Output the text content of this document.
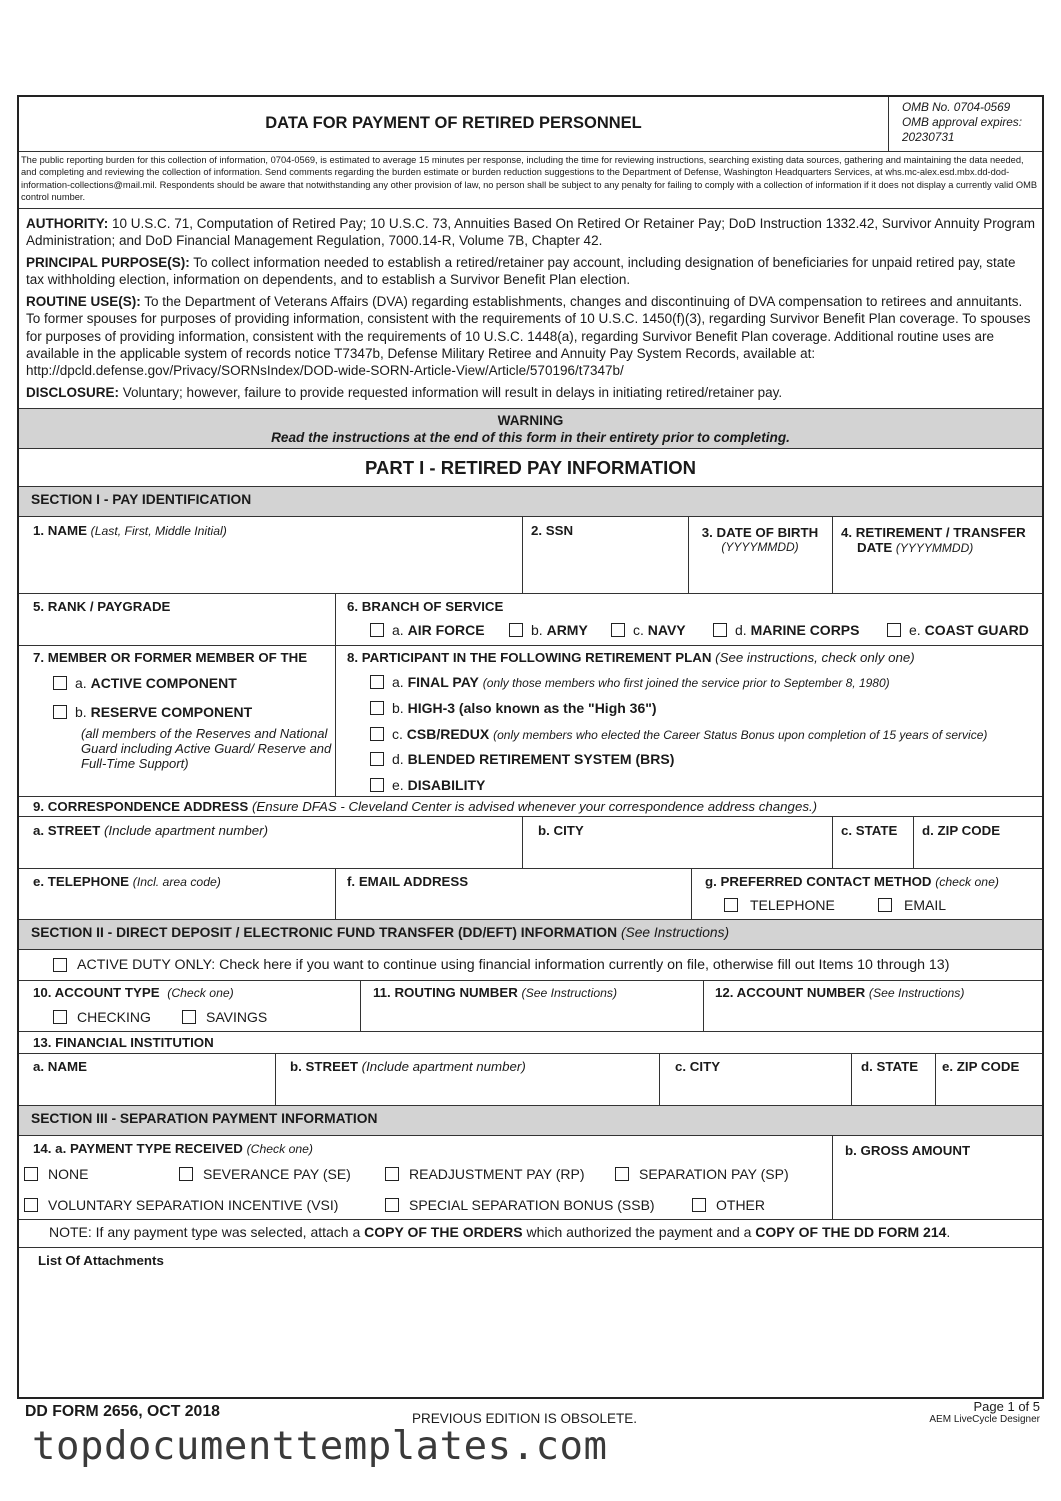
DATA FOR PAYMENT OF RETIRED PERSONNEL
OMB No. 0704-0569
OMB approval expires:
20230731
The public reporting burden for this collection of information, 0704-0569, is estimated to average 15 minutes per response, including the time for reviewing instructions, searching existing data sources, gathering and maintaining the data needed, and completing and reviewing the collection of information. Send comments regarding the burden estimate or burden reduction suggestions to the Department of Defense, Washington Headquarters Services, at whs.mc-alex.esd.mbx.dd-dod-information-collections@mail.mil. Respondents should be aware that notwithstanding any other provision of law, no person shall be subject to any penalty for failing to comply with a collection of information if it does not display a currently valid OMB control number.
AUTHORITY: 10 U.S.C. 71, Computation of Retired Pay; 10 U.S.C. 73, Annuities Based On Retired Or Retainer Pay; DoD Instruction 1332.42, Survivor Annuity Program Administration; and DoD Financial Management Regulation, 7000.14-R, Volume 7B, Chapter 42.
PRINCIPAL PURPOSE(S): To collect information needed to establish a retired/retainer pay account, including designation of beneficiaries for unpaid retired pay, state tax withholding election, information on dependents, and to establish a Survivor Benefit Plan election.
ROUTINE USE(S): To the Department of Veterans Affairs (DVA) regarding establishments, changes and discontinuing of DVA compensation to retirees and annuitants. To former spouses for purposes of providing information, consistent with the requirements of 10 U.S.C. 1450(f)(3), regarding Survivor Benefit Plan coverage. To spouses for purposes of providing information, consistent with the requirements of 10 U.S.C. 1448(a), regarding Survivor Benefit Plan coverage. Additional routine uses are available in the applicable system of records notice T7347b, Defense Military Retiree and Annuity Pay System Records, available at: http://dpcld.defense.gov/Privacy/SORNsIndex/DOD-wide-SORN-Article-View/Article/570196/t7347b/
DISCLOSURE: Voluntary; however, failure to provide requested information will result in delays in initiating retired/retainer pay.
WARNING
Read the instructions at the end of this form in their entirety prior to completing.
PART I - RETIRED PAY INFORMATION
SECTION I - PAY IDENTIFICATION
1. NAME (Last, First, Middle Initial)	2. SSN	3. DATE OF BIRTH
(YYYYMMDD)
4. RETIREMENT / TRANSFER
DATE (YYYYMMDD)
5. RANK / PAYGRADE	6. BRANCH OF SERVICE
a. AIR FORCE	b. ARMY	c. NAVY	d. MARINE CORPS	e. COAST GUARD
7. MEMBER OR FORMER MEMBER OF THE
a. ACTIVE COMPONENT
b. RESERVE COMPONENT
(all members of the Reserves and National Guard including Active Guard/ Reserve and Full-Time Support)
8. PARTICIPANT IN THE FOLLOWING RETIREMENT PLAN (See instructions, check only one)
a. FINAL PAY (only those members who first joined the service prior to September 8, 1980)
b. HIGH-3 (also known as the "High 36")
c. CSB/REDUX (only members who elected the Career Status Bonus upon completion of 15 years of service)
d. BLENDED RETIREMENT SYSTEM (BRS)
e. DISABILITY
9. CORRESPONDENCE ADDRESS (Ensure DFAS - Cleveland Center is advised whenever your correspondence address changes.)
a. STREET (Include apartment number)	b. CITY	c. STATE d. ZIP CODE
e. TELEPHONE (Incl. area code)	f. EMAIL ADDRESS	g. PREFERRED CONTACT METHOD (check one)
TELEPHONE	EMAIL
SECTION II - DIRECT DEPOSIT / ELECTRONIC FUND TRANSFER (DD/EFT) INFORMATION (See Instructions)
ACTIVE DUTY ONLY: Check here if you want to continue using financial information currently on file, otherwise fill out Items 10 through 13)
10. ACCOUNT TYPE (Check one)
CHECKING	SAVINGS
11. ROUTING NUMBER (See Instructions)	12. ACCOUNT NUMBER (See Instructions)
13. FINANCIAL INSTITUTION
a. NAME	b. STREET (Include apartment number)	c. CITY	d. STATE e. ZIP CODE
SECTION III - SEPARATION PAYMENT INFORMATION
14. a. PAYMENT TYPE RECEIVED (Check one)
NONE	SEVERANCE PAY (SE)	READJUSTMENT PAY (RP)	SEPARATION PAY (SP)
VOLUNTARY SEPARATION INCENTIVE (VSI)	SPECIAL SEPARATION BONUS (SSB)	OTHER
b. GROSS AMOUNT
NOTE: If any payment type was selected, attach a COPY OF THE ORDERS which authorized the payment and a COPY OF THE DD FORM 214.
List Of Attachments
DD FORM 2656, OCT 2018	PREVIOUS EDITION IS OBSOLETE.
Page 1 of 5
AEM LiveCycle Designer
topdocumenttemplates.com
